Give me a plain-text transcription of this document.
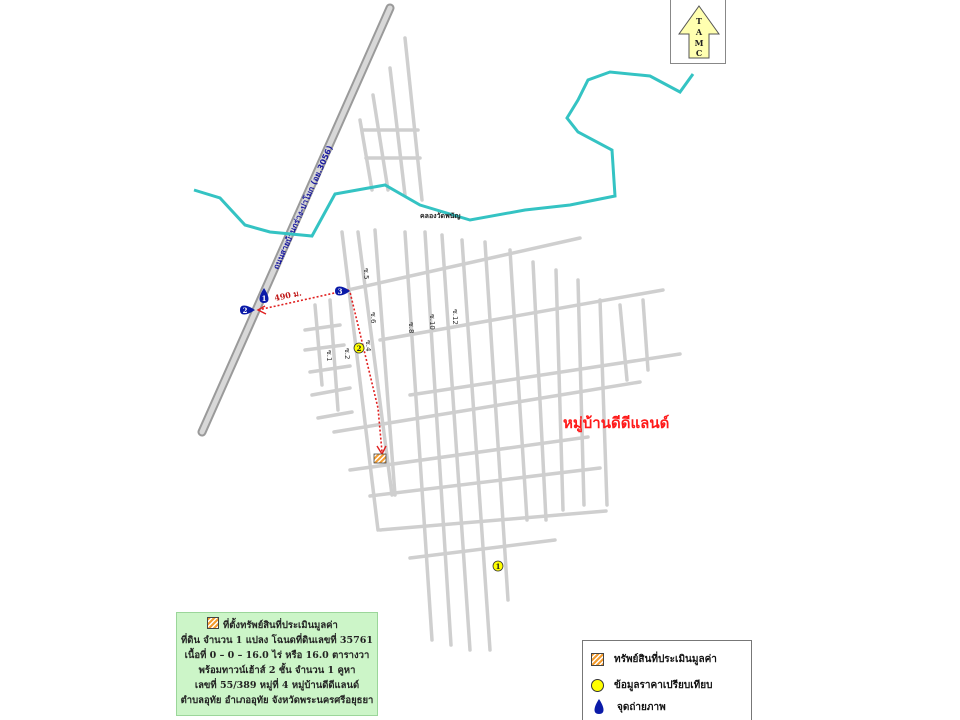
ถนนสายบ้านกร่าง-ปาโมก (อย.3056)	คลองวัดพนัญ
ซ.5
ซ.6
ซ.8 ซ.10 ซ.12
ซ.1 ซ.2
ซ.4
490 ม.
2
1
1
2
3
หมู่บ้านดีดีแลนด์
T
A
M
C
ที่ตั้งทรัพย์สินที่ประเมินมูลค่า
ที่ดิน จำนวน 1 แปลง โฉนดที่ดินเลขที่ 35761
เนื้อที่ 0 – 0 – 16.0 ไร่ หรือ 16.0 ตารางวา
พร้อมทาวน์เฮ้าส์ 2 ชั้น จำนวน 1 คูหา
เลขที่ 55/389 หมู่ที่ 4 หมู่บ้านดีดีแลนด์
ตำบลอุทัย อำเภออุทัย จังหวัดพระนครศรีอยุธยา
ทรัพย์สินที่ประเมินมูลค่า
ข้อมูลราคาเปรียบเทียบ
จุดถ่ายภาพ
